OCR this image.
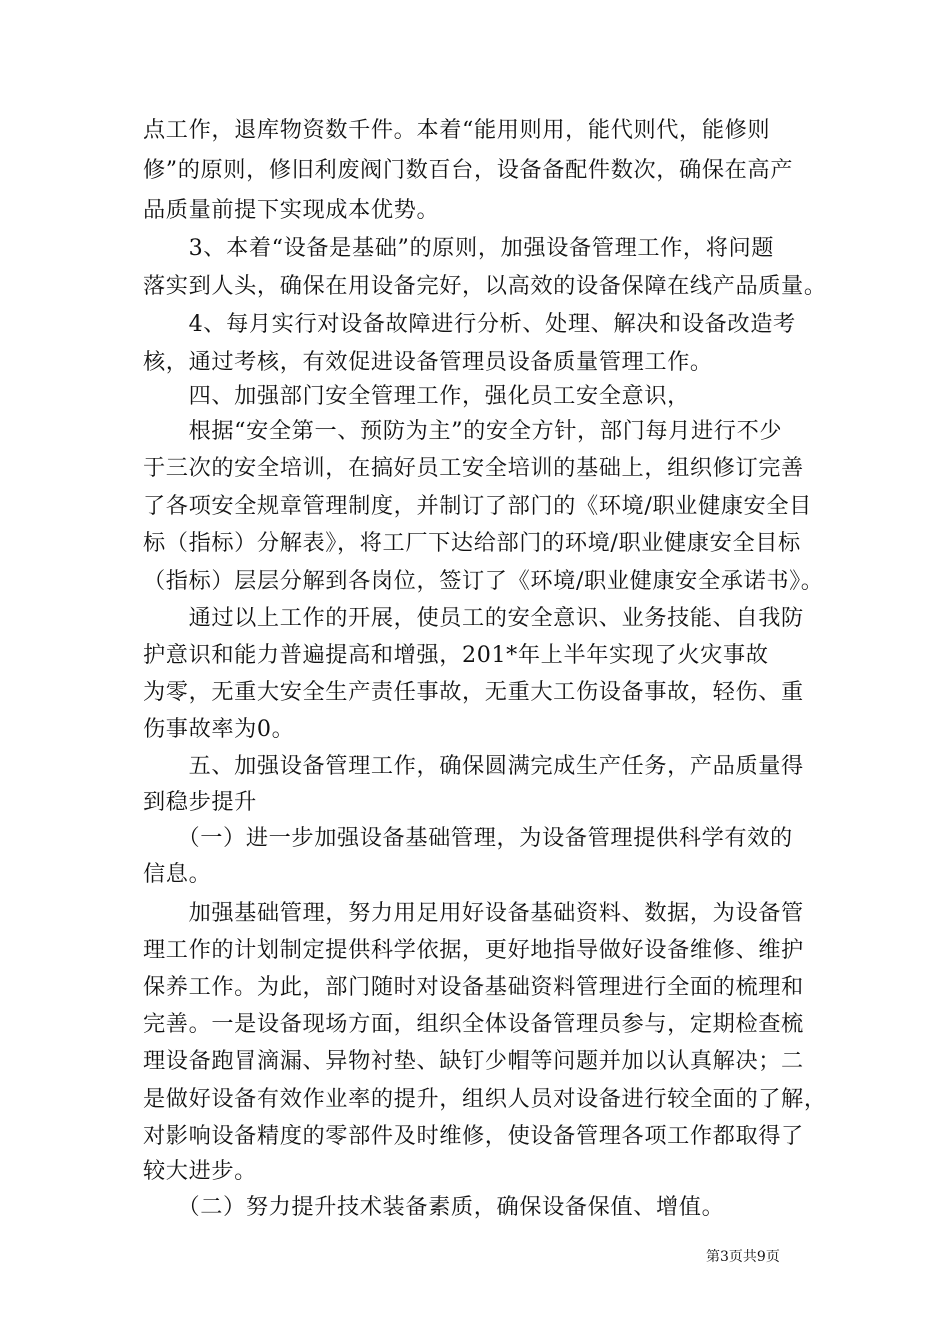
点工作，退库物资数千件。本着“能用则用，能代则代，能修则
修”的原则，修旧利废阀门数百台，设备备配件数次，确保在高产
品质量前提下实现成本优势。
　　3、本着“设备是基础”的原则，加强设备管理工作，将问题
落实到人头，确保在用设备完好，以高效的设备保障在线产品质量。
　　4、每月实行对设备故障进行分析、处理、解决和设备改造考
核，通过考核，有效促进设备管理员设备质量管理工作。
　　四、加强部门安全管理工作，强化员工安全意识，
　　根据“安全第一、预防为主”的安全方针，部门每月进行不少
于三次的安全培训，在搞好员工安全培训的基础上，组织修订完善
了各项安全规章管理制度，并制订了部门的《环境/职业健康安全目
标（指标）分解表》，将工厂下达给部门的环境/职业健康安全目标
（指标）层层分解到各岗位，签订了《环境/职业健康安全承诺书》。
　　通过以上工作的开展，使员工的安全意识、业务技能、自我防
护意识和能力普遍提高和增强，201*年上半年实现了火灾事故
为零，无重大安全生产责任事故，无重大工伤设备事故，轻伤、重
伤事故率为0。
　　五、加强设备管理工作，确保圆满完成生产任务，产品质量得
到稳步提升
　　（一）进一步加强设备基础管理，为设备管理提供科学有效的
信息。
　　加强基础管理，努力用足用好设备基础资料、数据，为设备管
理工作的计划制定提供科学依据，更好地指导做好设备维修、维护
保养工作。为此，部门随时对设备基础资料管理进行全面的梳理和
完善。一是设备现场方面，组织全体设备管理员参与，定期检查梳
理设备跑冒滴漏、异物衬垫、缺钉少帽等问题并加以认真解决；二
是做好设备有效作业率的提升，组织人员对设备进行较全面的了解，
对影响设备精度的零部件及时维修，使设备管理各项工作都取得了
较大进步。
　　（二）努力提升技术装备素质，确保设备保值、增值。
第3页共9页
